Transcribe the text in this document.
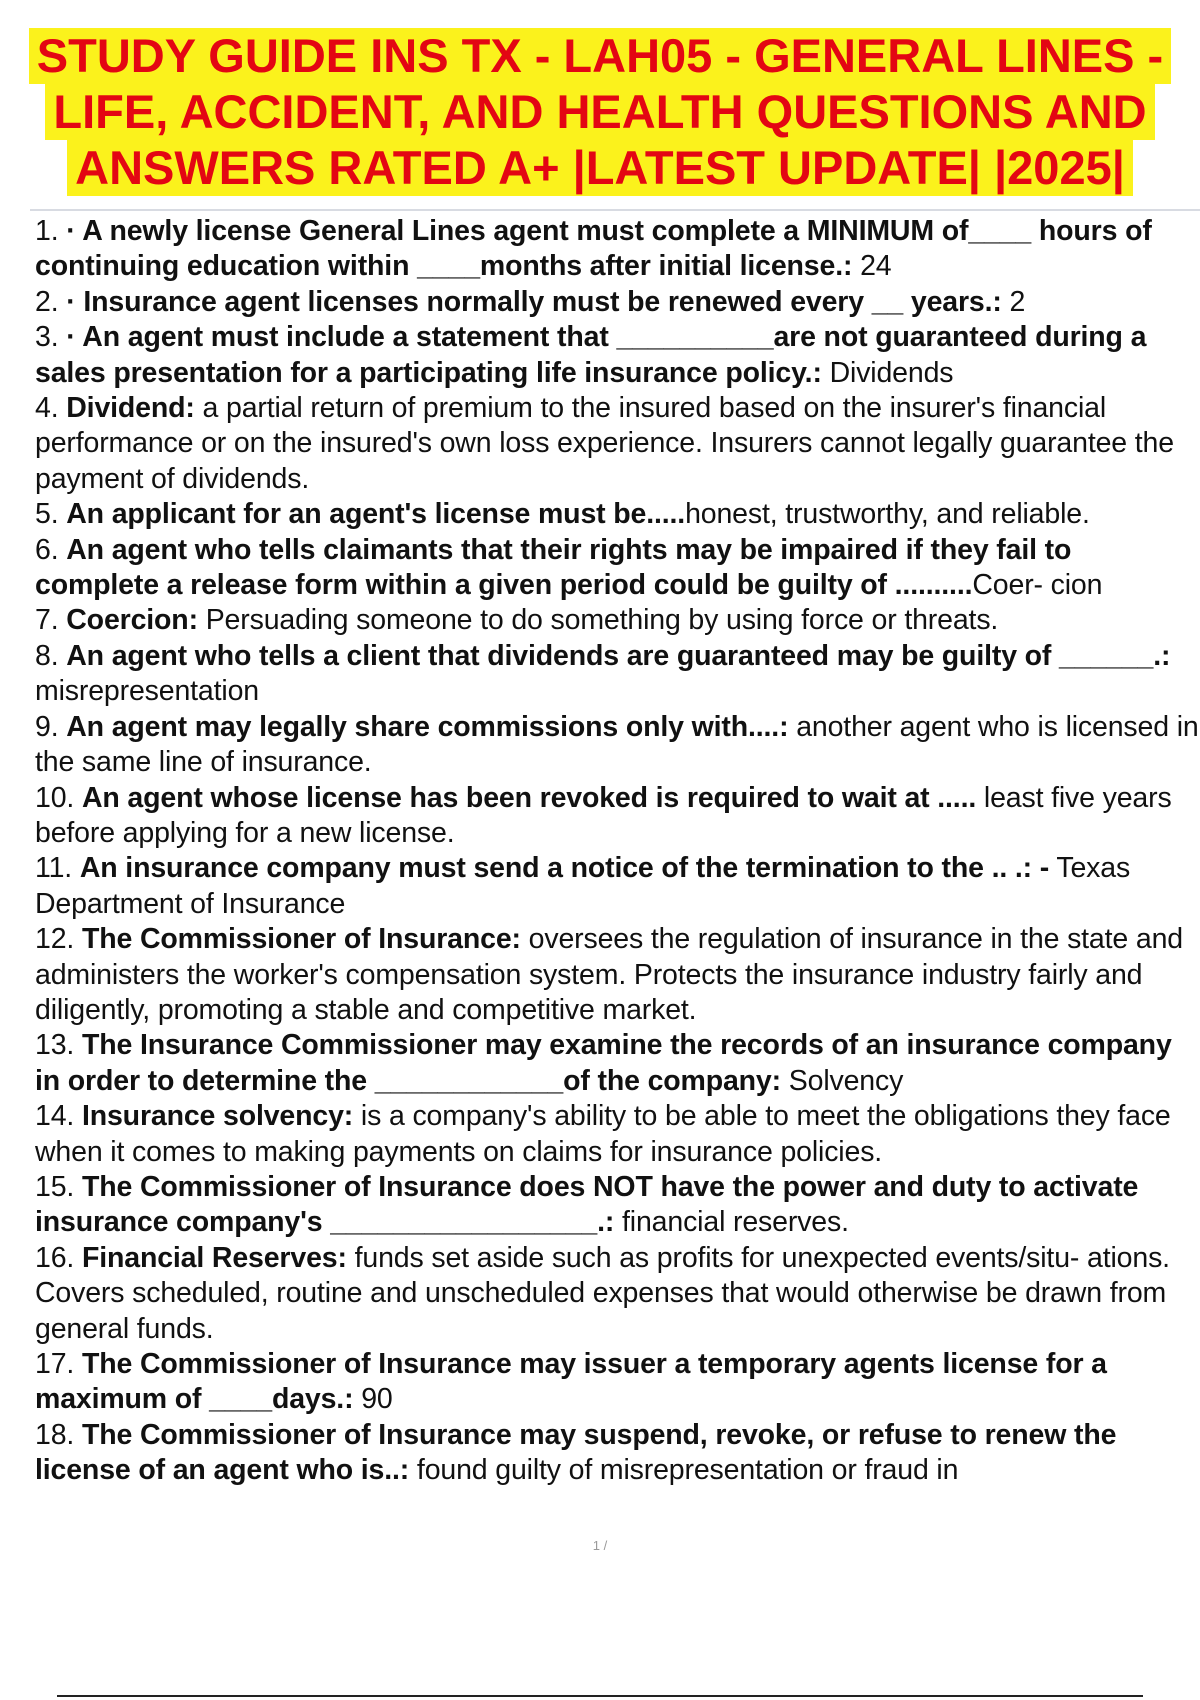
STUDY GUIDE INS TX - LAH05 - GENERAL LINES -
LIFE, ACCIDENT, AND HEALTH QUESTIONS AND
ANSWERS RATED A+ |LATEST UPDATE| |2025|

1. · A newly license General Lines agent must complete a MINIMUM of____ hours of continuing education within ____months after initial license.: 24

2. · Insurance agent licenses normally must be renewed every __ years.: 2

3. · An agent must include a statement that __________are not guaranteed during a sales presentation for a participating life insurance policy.: Dividends

4. Dividend: a partial return of premium to the insured based on the insurer's financial performance or on the insured's own loss experience. Insurers cannot legally guarantee the payment of dividends.

5. An applicant for an agent's license must be.....honest, trustworthy, and reliable.

6. An agent who tells claimants that their rights may be impaired if they fail to complete a release form within a given period could be guilty of ..........Coer- cion

7. Coercion: Persuading someone to do something by using force or threats.

8. An agent who tells a client that dividends are guaranteed may be guilty of ______.: misrepresentation

9. An agent may legally share commissions only with....: another agent who is licensed in the same line of insurance.

10. An agent whose license has been revoked is required to wait at ..... least five years before applying for a new license.

11. An insurance company must send a notice of the termination to the .. .: - Texas Department of Insurance

12. The Commissioner of Insurance: oversees the regulation of insurance in the state and administers the worker's compensation system. Protects the insurance industry fairly and diligently, promoting a stable and competitive market.

13. The Insurance Commissioner may examine the records of an insurance company in order to determine the ____________of the company: Solvency

14. Insurance solvency: is a company's ability to be able to meet the obligations they face when it comes to making payments on claims for insurance policies.

15. The Commissioner of Insurance does NOT have the power and duty to activate insurance company's _________________.: financial reserves.

16. Financial Reserves: funds set aside such as profits for unexpected events/situ- ations. Covers scheduled, routine and unscheduled expenses that would otherwise be drawn from general funds.

17. The Commissioner of Insurance may issuer a temporary agents license for a maximum of ____days.: 90

18. The Commissioner of Insurance may suspend, revoke, or refuse to renew the license of an agent who is..: found guilty of misrepresentation or fraud in

1 /
